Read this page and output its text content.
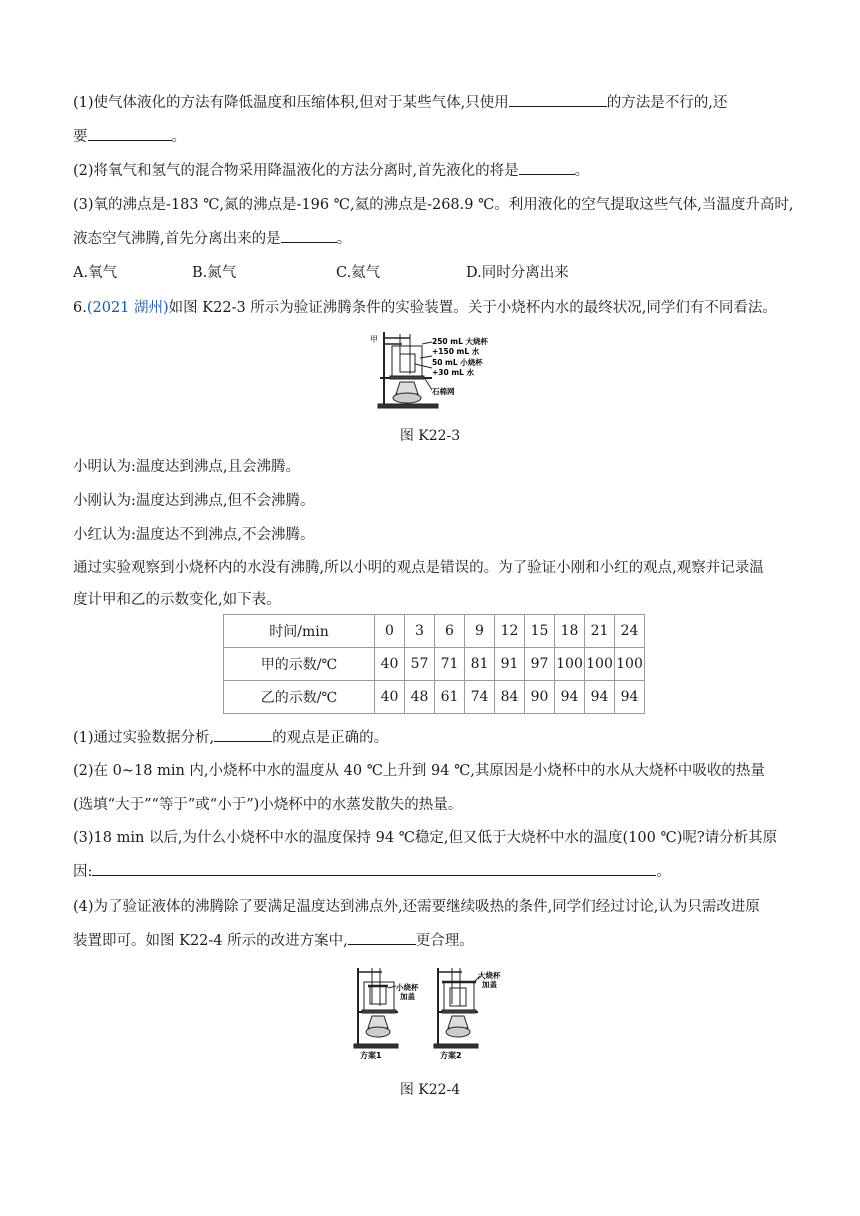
(1)使气体液化的方法有降低温度和压缩体积,但对于某些气体,只使用	的方法是不行的,还
要	。
(2)将氧气和氢气的混合物采用降温液化的方法分离时,首先液化的将是	。
(3)氧的沸点是-183 ℃,氮的沸点是-196 ℃,氦的沸点是-268.9 ℃。利用液化的空气提取这些气体,当温度升高时,
液态空气沸腾,首先分离出来的是	。
A.氧气	B.氮气	C.氦气	D.同时分离出来
6.(2021 湖州)如图 K22-3 所示为验证沸腾条件的实验装置。关于小烧杯内水的最终状况,同学们有不同看法。
甲	250 mL 大烧杯
+150 mL 水
50 mL 小烧杯
+30 mL 水
石棉网
图 K22-3
小明认为:温度达到沸点,且会沸腾。
小刚认为:温度达到沸点,但不会沸腾。
小红认为:温度达不到沸点,不会沸腾。
通过实验观察到小烧杯内的水没有沸腾,所以小明的观点是错误的。为了验证小刚和小红的观点,观察并记录温
度计甲和乙的示数变化,如下表。
时间/min	0	3	6	9	12	15	18	21	24
甲的示数/℃	40	57	71	81	91	97	100	100	100
乙的示数/℃	40	48	61	74	84	90	94	94	94
(1)通过实验数据分析,	的观点是正确的。
(2)在 0~18 min 内,小烧杯中水的温度从 40 ℃上升到 94 ℃,其原因是小烧杯中的水从大烧杯中吸收的热量
(选填“大于”“等于”或“小于”)小烧杯中的水蒸发散失的热量。
(3)18 min 以后,为什么小烧杯中水的温度保持 94 ℃稳定,但又低于大烧杯中水的温度(100 ℃)呢?请分析其原
因:	。
(4)为了验证液体的沸腾除了要满足温度达到沸点外,还需要继续吸热的条件,同学们经过讨论,认为只需改进原
装置即可。如图 K22-4 所示的改进方案中,	更合理。
小烧杯
加盖
方案1
大烧杯
加盖
方案2
图 K22-4
